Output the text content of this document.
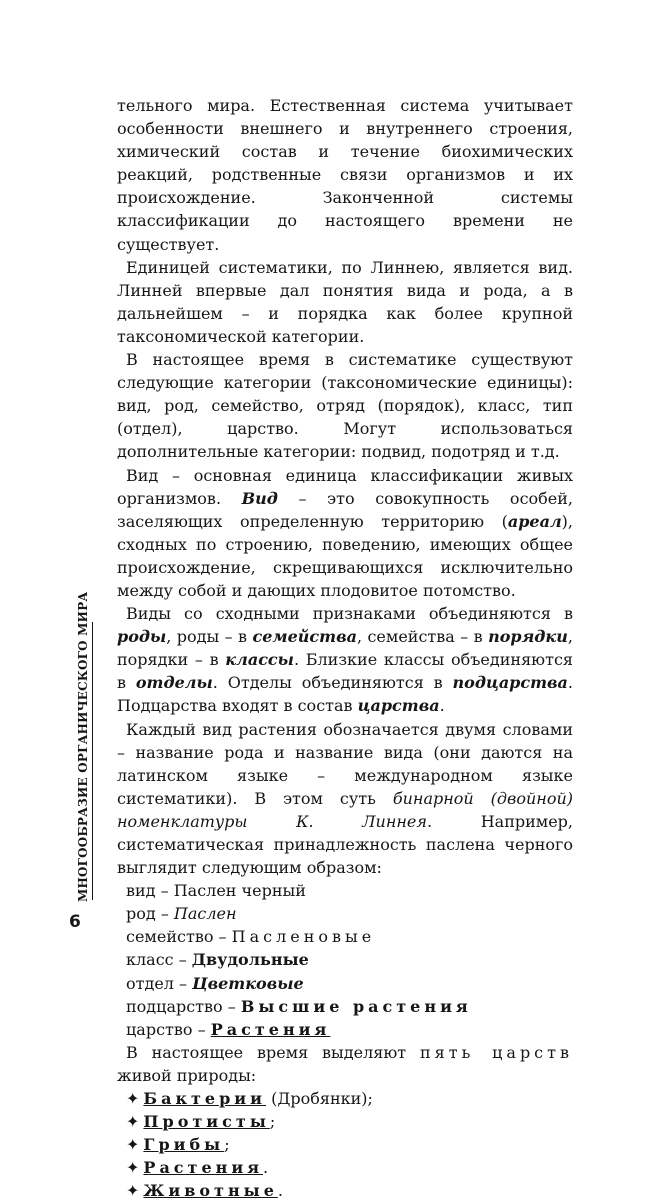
тельного мира. Естественная система учитывает особенности внешнего и внутреннего строения, химический состав и течение биохимических реакций, родственные связи организмов и их происхождение. Законченной системы классификации до настоящего времени не существует.

Единицей систематики, по Линнею, является вид. Линней впервые дал понятия вида и рода, а в дальнейшем – и порядка как более крупной таксономической категории.

В настоящее время в систематике существуют следующие категории (таксономические единицы): вид, род, семейство, отряд (порядок), класс, тип (отдел), царство. Могут использоваться дополнительные категории: подвид, подотряд и т.д.

Вид – основная единица классификации живых организмов. Вид – это совокупность особей, заселяющих определенную территорию (ареал), сходных по строению, поведению, имеющих общее происхождение, скрещивающихся исключительно между собой и дающих плодовитое потомство.

Виды со сходными признаками объединяются в роды, роды – в семейства, семейства – в порядки, порядки – в классы. Близкие классы объединяются в отделы. Отделы объединяются в подцарства. Подцарства входят в состав царства.

Каждый вид растения обозначается двумя словами – название рода и название вида (они даются на латинском языке – международном языке систематики). В этом суть бинарной (двойной) номенклатуры К. Линнея. Например, систематическая принадлежность паслена черного выглядит следующим образом:

вид – Паслен черный
род – Паслен
семейство – Пасленовые
класс – Двудольные
отдел – Цветковые
подцарство – Высшие растения
царство – Растения

В настоящее время выделяют пять царств живой природы:

✦ Бактерии (Дробянки);
✦ Протисты;
✦ Грибы;
✦ Растения.
✦ Животные.
МНОГООБРАЗИЕ ОРГАНИЧЕСКОГО МИРА
6
